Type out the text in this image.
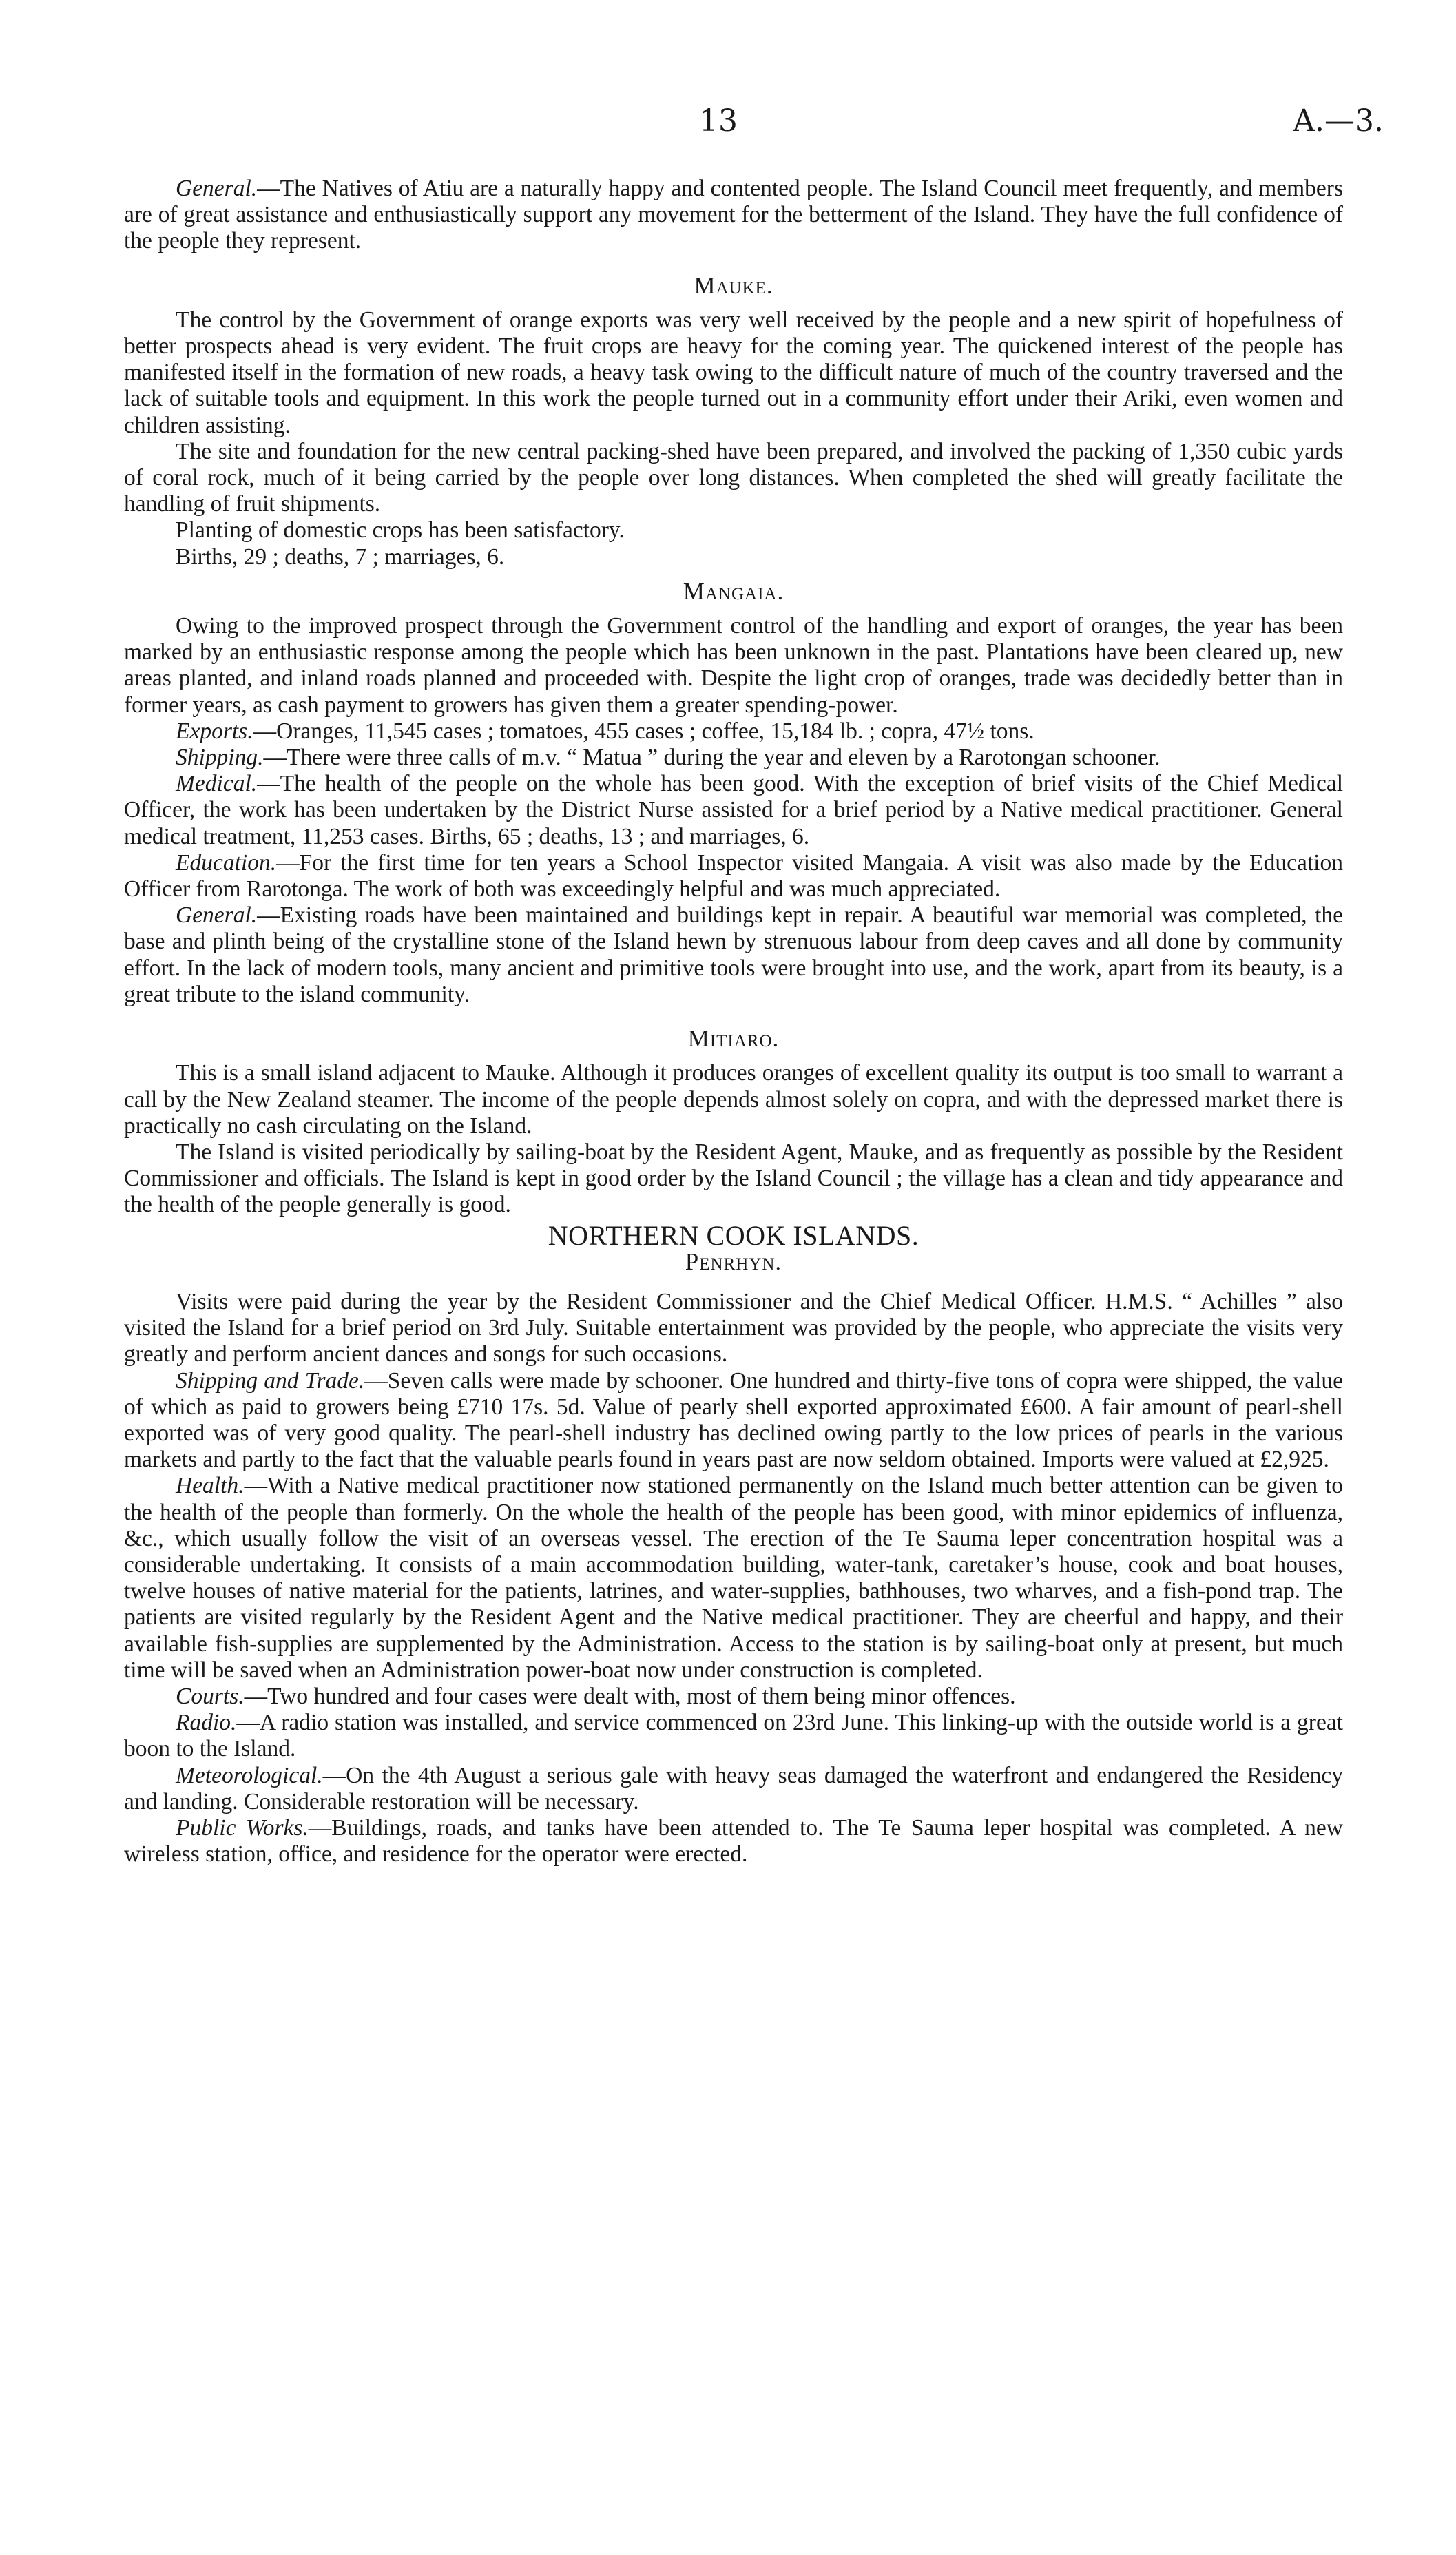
13	A.—3.

General.—The Natives of Atiu are a naturally happy and contented people. The Island Council meet frequently, and members are of great assistance and enthusiastically support any movement for the betterment of the Island. They have the full confidence of the people they represent.

Mauke.

The control by the Government of orange exports was very well received by the people and a new spirit of hopefulness of better prospects ahead is very evident. The fruit crops are heavy for the coming year. The quickened interest of the people has manifested itself in the formation of new roads, a heavy task owing to the difficult nature of much of the country traversed and the lack of suitable tools and equipment. In this work the people turned out in a community effort under their Ariki, even women and children assisting.

The site and foundation for the new central packing-shed have been prepared, and involved the packing of 1,350 cubic yards of coral rock, much of it being carried by the people over long distances. When completed the shed will greatly facilitate the handling of fruit shipments.

Planting of domestic crops has been satisfactory.

Births, 29 ; deaths, 7 ; marriages, 6.

Mangaia.

Owing to the improved prospect through the Government control of the handling and export of oranges, the year has been marked by an enthusiastic response among the people which has been unknown in the past. Plantations have been cleared up, new areas planted, and inland roads planned and proceeded with. Despite the light crop of oranges, trade was decidedly better than in former years, as cash payment to growers has given them a greater spending-power.

Exports.—Oranges, 11,545 cases ; tomatoes, 455 cases ; coffee, 15,184 lb. ; copra, 47½ tons.

Shipping.—There were three calls of m.v. “ Matua ” during the year and eleven by a Rarotongan schooner.

Medical.—The health of the people on the whole has been good. With the exception of brief visits of the Chief Medical Officer, the work has been undertaken by the District Nurse assisted for a brief period by a Native medical practitioner. General medical treatment, 11,253 cases. Births, 65 ; deaths, 13 ; and marriages, 6.

Education.—For the first time for ten years a School Inspector visited Mangaia. A visit was also made by the Education Officer from Rarotonga. The work of both was exceedingly helpful and was much appreciated.

General.—Existing roads have been maintained and buildings kept in repair. A beautiful war memorial was completed, the base and plinth being of the crystalline stone of the Island hewn by strenuous labour from deep caves and all done by community effort. In the lack of modern tools, many ancient and primitive tools were brought into use, and the work, apart from its beauty, is a great tribute to the island community.

Mitiaro.

This is a small island adjacent to Mauke. Although it produces oranges of excellent quality its output is too small to warrant a call by the New Zealand steamer. The income of the people depends almost solely on copra, and with the depressed market there is practically no cash circulating on the Island.

The Island is visited periodically by sailing-boat by the Resident Agent, Mauke, and as frequently as possible by the Resident Commissioner and officials. The Island is kept in good order by the Island Council ; the village has a clean and tidy appearance and the health of the people generally is good.

NORTHERN COOK ISLANDS.
Penrhyn.

Visits were paid during the year by the Resident Commissioner and the Chief Medical Officer. H.M.S. “ Achilles ” also visited the Island for a brief period on 3rd July. Suitable entertainment was provided by the people, who appreciate the visits very greatly and perform ancient dances and songs for such occasions.

Shipping and Trade.—Seven calls were made by schooner. One hundred and thirty-five tons of copra were shipped, the value of which as paid to growers being £710 17s. 5d. Value of pearly shell exported approximated £600. A fair amount of pearl-shell exported was of very good quality. The pearl-shell industry has declined owing partly to the low prices of pearls in the various markets and partly to the fact that the valuable pearls found in years past are now seldom obtained. Imports were valued at £2,925.

Health.—With a Native medical practitioner now stationed permanently on the Island much better attention can be given to the health of the people than formerly. On the whole the health of the people has been good, with minor epidemics of influenza, &c., which usually follow the visit of an overseas vessel. The erection of the Te Sauma leper concentration hospital was a considerable undertaking. It consists of a main accommodation building, water-tank, caretaker’s house, cook and boat houses, twelve houses of native material for the patients, latrines, and water-supplies, bathhouses, two wharves, and a fish-pond trap. The patients are visited regularly by the Resident Agent and the Native medical practitioner. They are cheerful and happy, and their available fish-supplies are supplemented by the Administration. Access to the station is by sailing-boat only at present, but much time will be saved when an Administration power-boat now under construction is completed.

Courts.—Two hundred and four cases were dealt with, most of them being minor offences.

Radio.—A radio station was installed, and service commenced on 23rd June. This linking-up with the outside world is a great boon to the Island.

Meteorological.—On the 4th August a serious gale with heavy seas damaged the waterfront and endangered the Residency and landing. Considerable restoration will be necessary.

Public Works.—Buildings, roads, and tanks have been attended to. The Te Sauma leper hospital was completed. A new wireless station, office, and residence for the operator were erected.
